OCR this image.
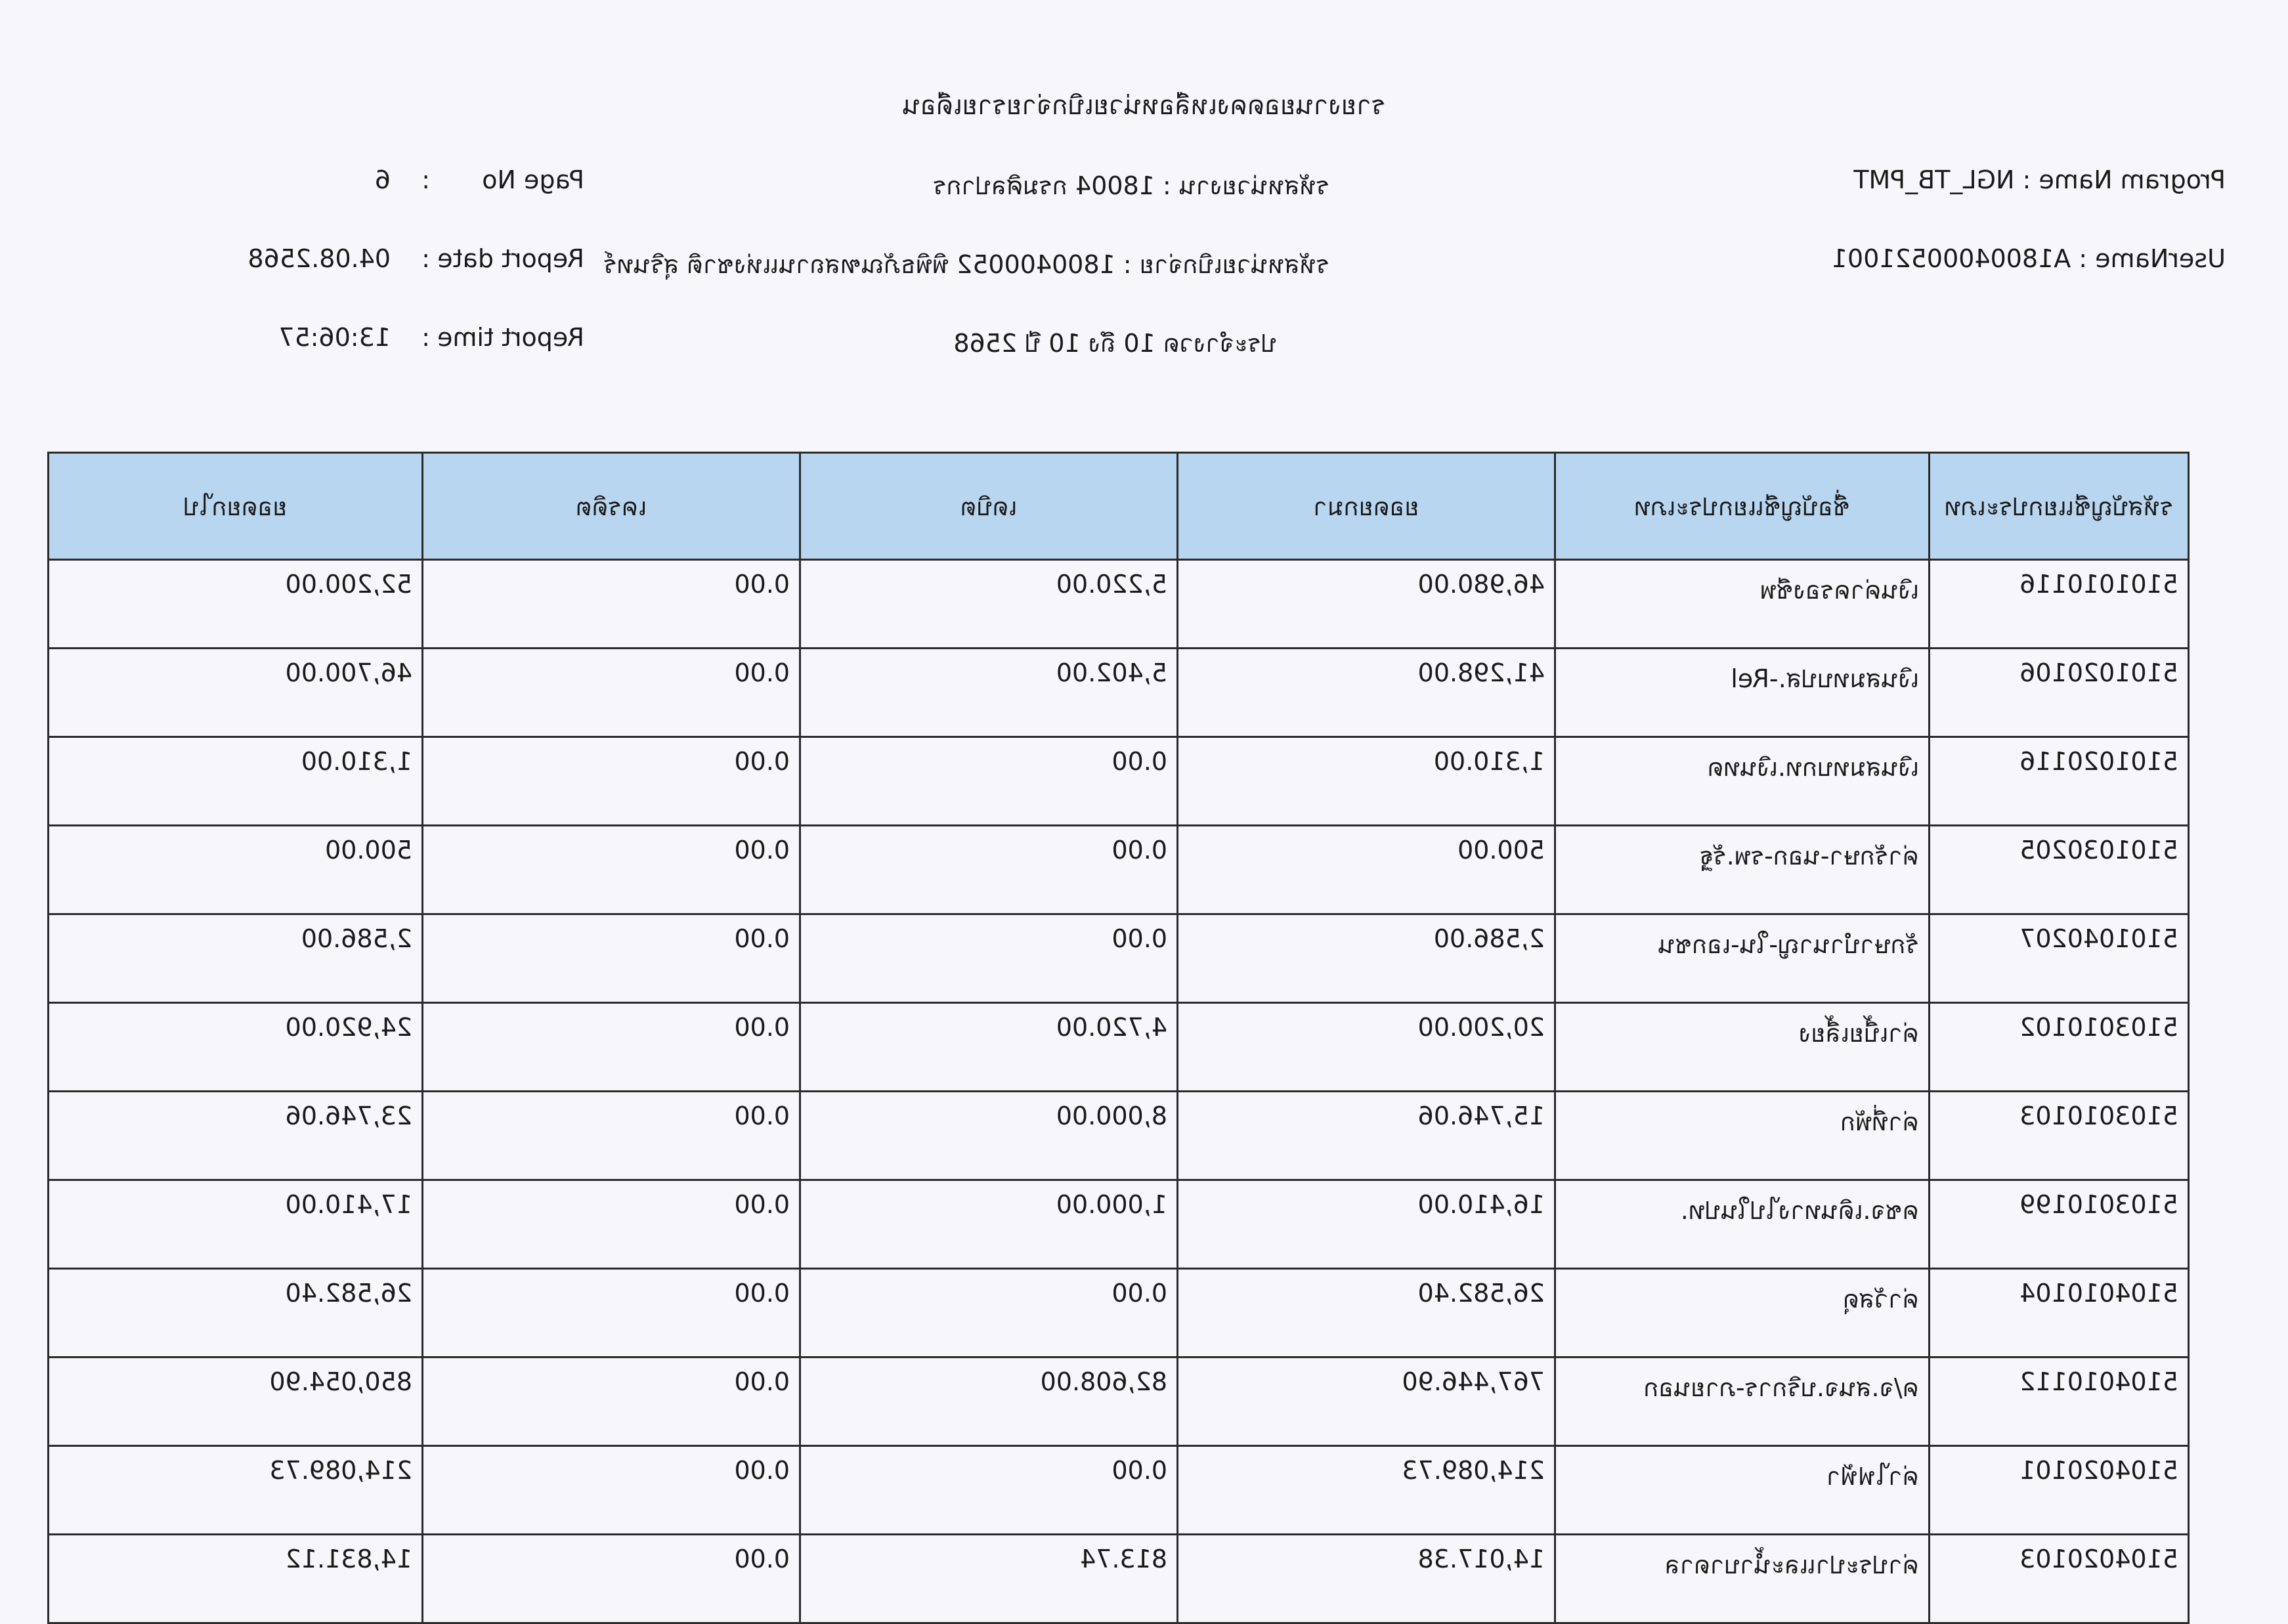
รายงานยอดคงเหลือหน่วยเบิกจ่ายรายเดือน
Program Name : NGL_TB_PMT
UserName : A18004000521001
รหัสหน่วยงาน : 18004 กรมศิลปากร
รหัสหน่วยเบิกจ่าย : 1800400052 พิพิธภัณฑสถานแห่งชาติ สุรินทร์
ประจำงวด 10 ถึง 10 ปี 2568
Page No:6
Report date:04.08.2568
Report time:13:06:57
รหัสบัญชีแยกประเภท	ชื่อบัญชีแยกประเภท	ยอดยกมา	เดบิต	เครดิต	ยอดยกไป
5101010116	เงินค่าครองชีพ	46,980.00	5,220.00	0.00	52,200.00
5101020106	เงินสมทบปส.-Rel	41,298.00	5,402.00	0.00	46,700.00
5101020116	เงินสมทบกท.เงินทด	1,310.00	0.00	0.00	1,310.00
5101030205	ค่ารักษา-นอก-รพ.รัฐ	500.00	0.00	0.00	500.00
5101040207	รักษาบำนาญ-ใน-เอกชน	2,586.00	0.00	0.00	2,586.00
5103010102	ค่าเบี้ยเลี้ยง	20,200.00	4,720.00	0.00	24,920.00
5103010103	ค่าที่พัก	15,746.06	8,000.00	0.00	23,746.06
5103010199	คชจ.เดินทางไปในปท.	16,410.00	1,000.00	0.00	17,410.00
5104010104	ค่าวัสดุ	26,582.40	0.00	0.00	26,582.40
5104010112	ค/จ.สนจ.บริการ-ภายนอก	767,446.90	82,608.00	0.00	850,054.90
5104020101	ค่าไฟฟ้า	214,089.73	0.00	0.00	214,089.73
5104020103	ค่าประปาและน้ำบาดาล	14,017.38	813.74	0.00	14,831.12
